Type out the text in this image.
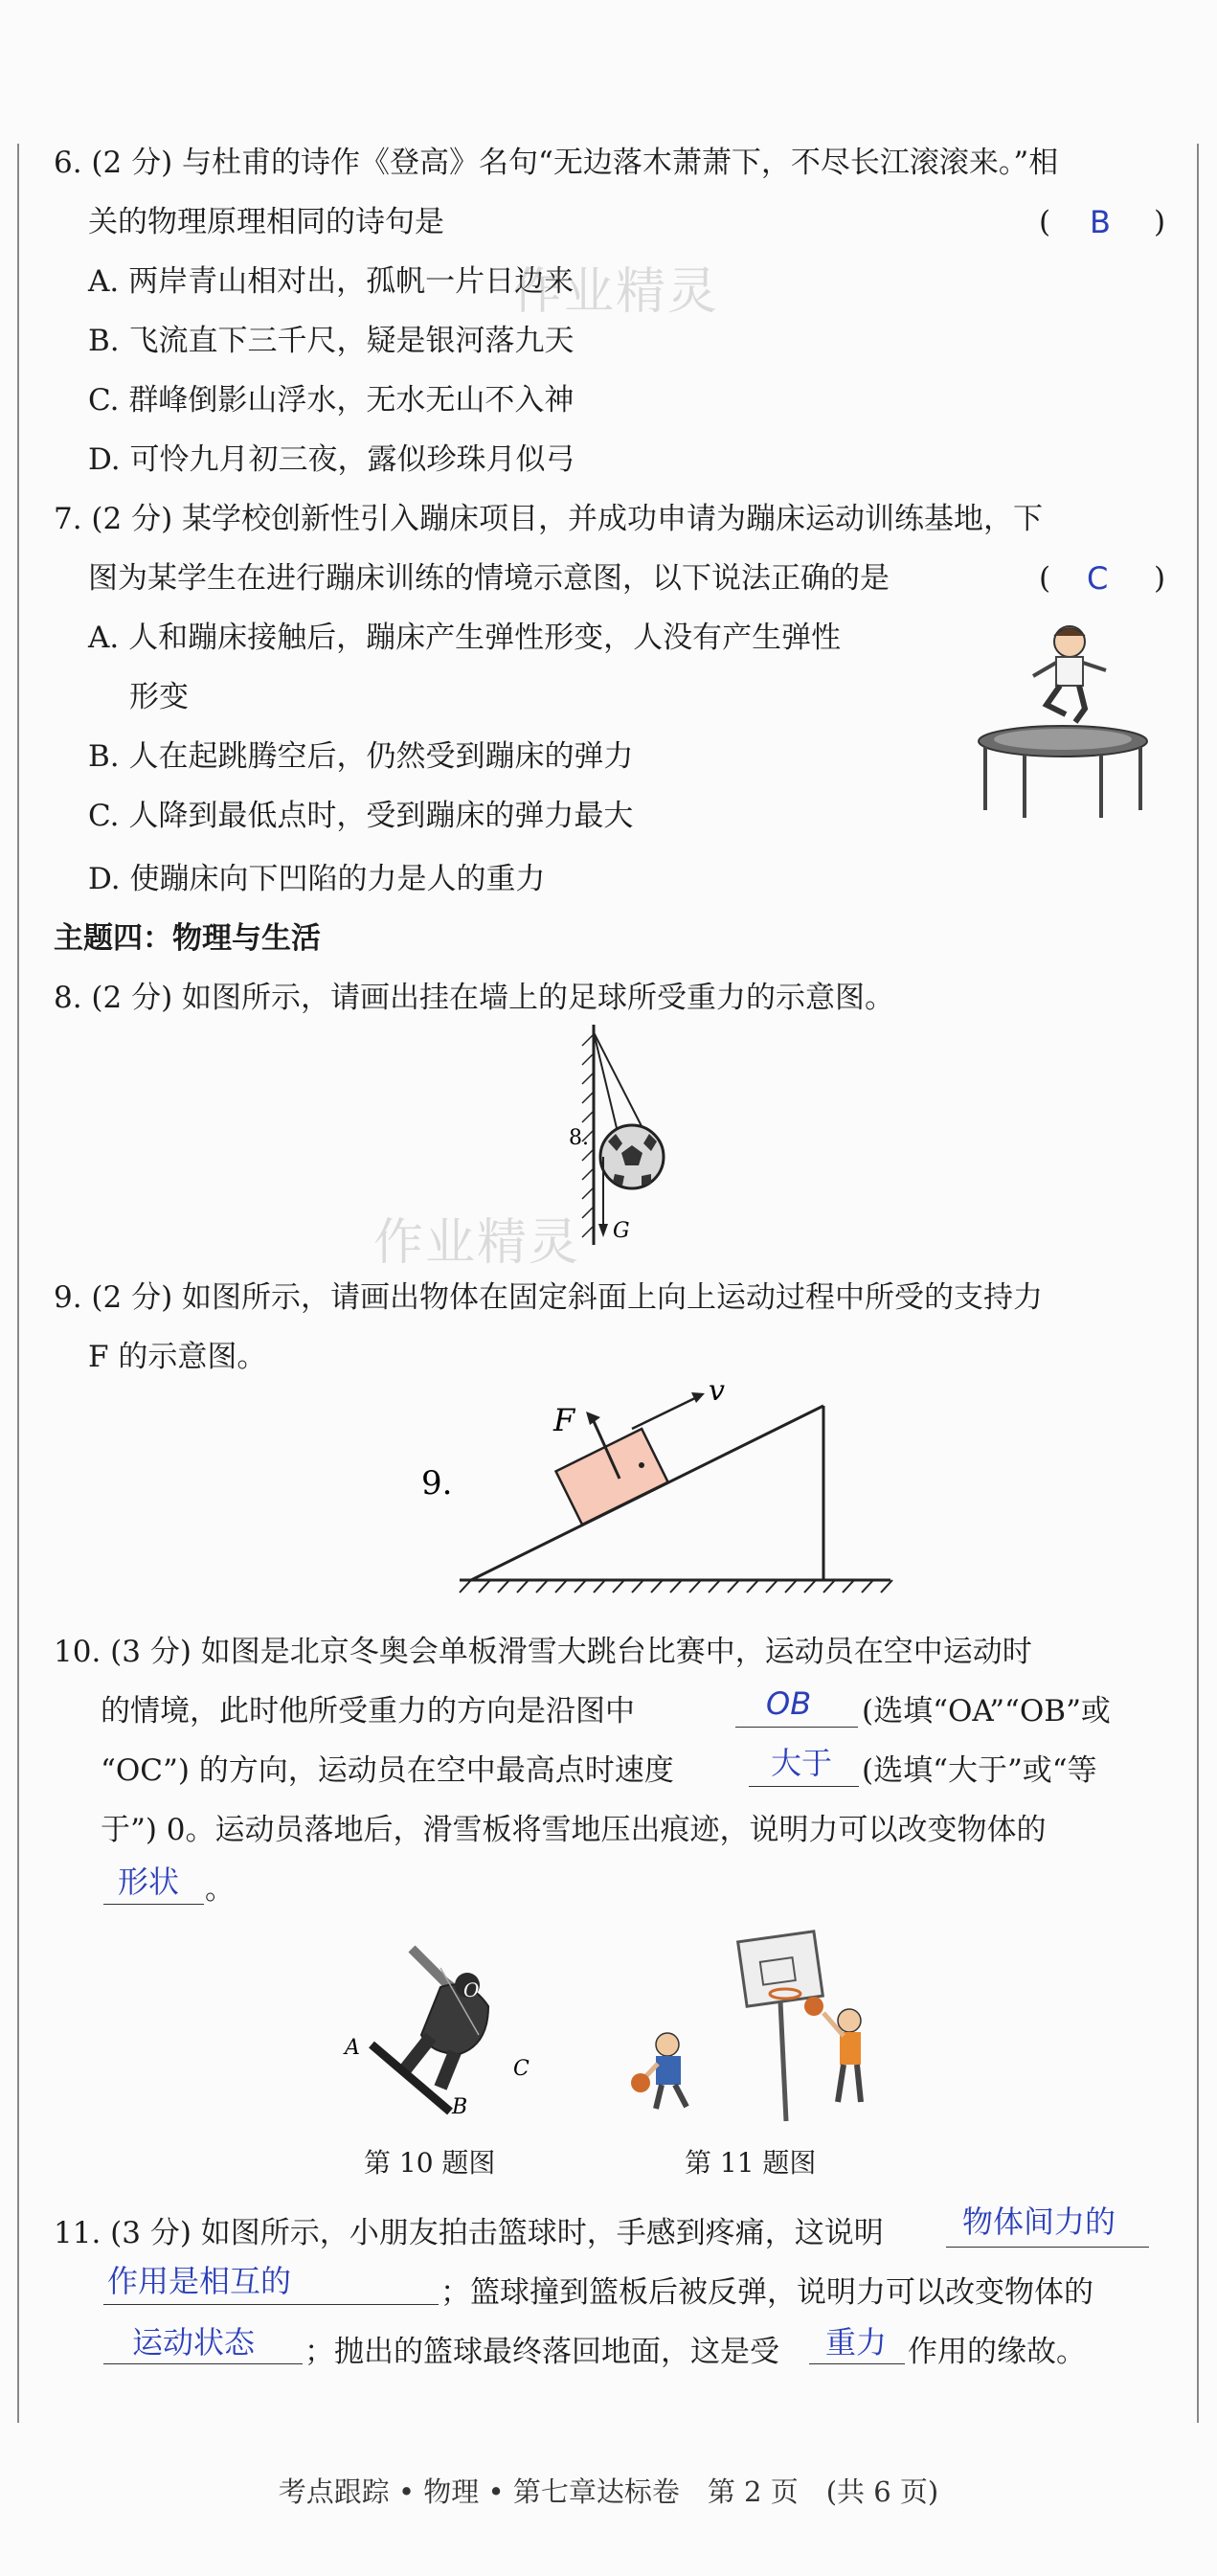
6. (2 分) 与杜甫的诗作《登高》名句“无边落木萧萧下，不尽长江滚滚来。”相
关的物理原理相同的诗句是	( B )
A. 两岸青山相对出，孤帆一片日边来
B. 飞流直下三千尺，疑是银河落九天
C. 群峰倒影山浮水，无水无山不入神
D. 可怜九月初三夜，露似珍珠月似弓
作业精灵
7. (2 分) 某学校创新性引入蹦床项目，并成功申请为蹦床运动训练基地，下
图为某学生在进行蹦床训练的情境示意图，以下说法正确的是	( C )
A. 人和蹦床接触后，蹦床产生弹性形变，人没有产生弹性
形变
B. 人在起跳腾空后，仍然受到蹦床的弹力
C. 人降到最低点时，受到蹦床的弹力最大
D. 使蹦床向下凹陷的力是人的重力
主题四：物理与生活
8. (2 分) 如图所示，请画出挂在墙上的足球所受重力的示意图。
8.
G
作业精灵
9. (2 分) 如图所示，请画出物体在固定斜面上向上运动过程中所受的支持力
F 的示意图。
9.
F
v
10. (3 分) 如图是北京冬奥会单板滑雪大跳台比赛中，运动员在空中运动时
的情境，此时他所受重力的方向是沿图中	OB (选填“OA”“OB”或
“OC”) 的方向，运动员在空中最高点时速度	大于 (选填“大于”或“等
于”) 0。运动员落地后，滑雪板将雪地压出痕迹，说明力可以改变物体的
形状 。
O
A
B
C
第 10 题图	第 11 题图
11. (3 分) 如图所示，小朋友拍击篮球时，手感到疼痛，这说明	物体间力的
作用是相互的	；篮球撞到篮板后被反弹，说明力可以改变物体的
运动状态 ；抛出的篮球最终落回地面，这是受 重力 作用的缘故。
考点跟踪 • 物理 • 第七章达标卷　第 2 页　(共 6 页)
